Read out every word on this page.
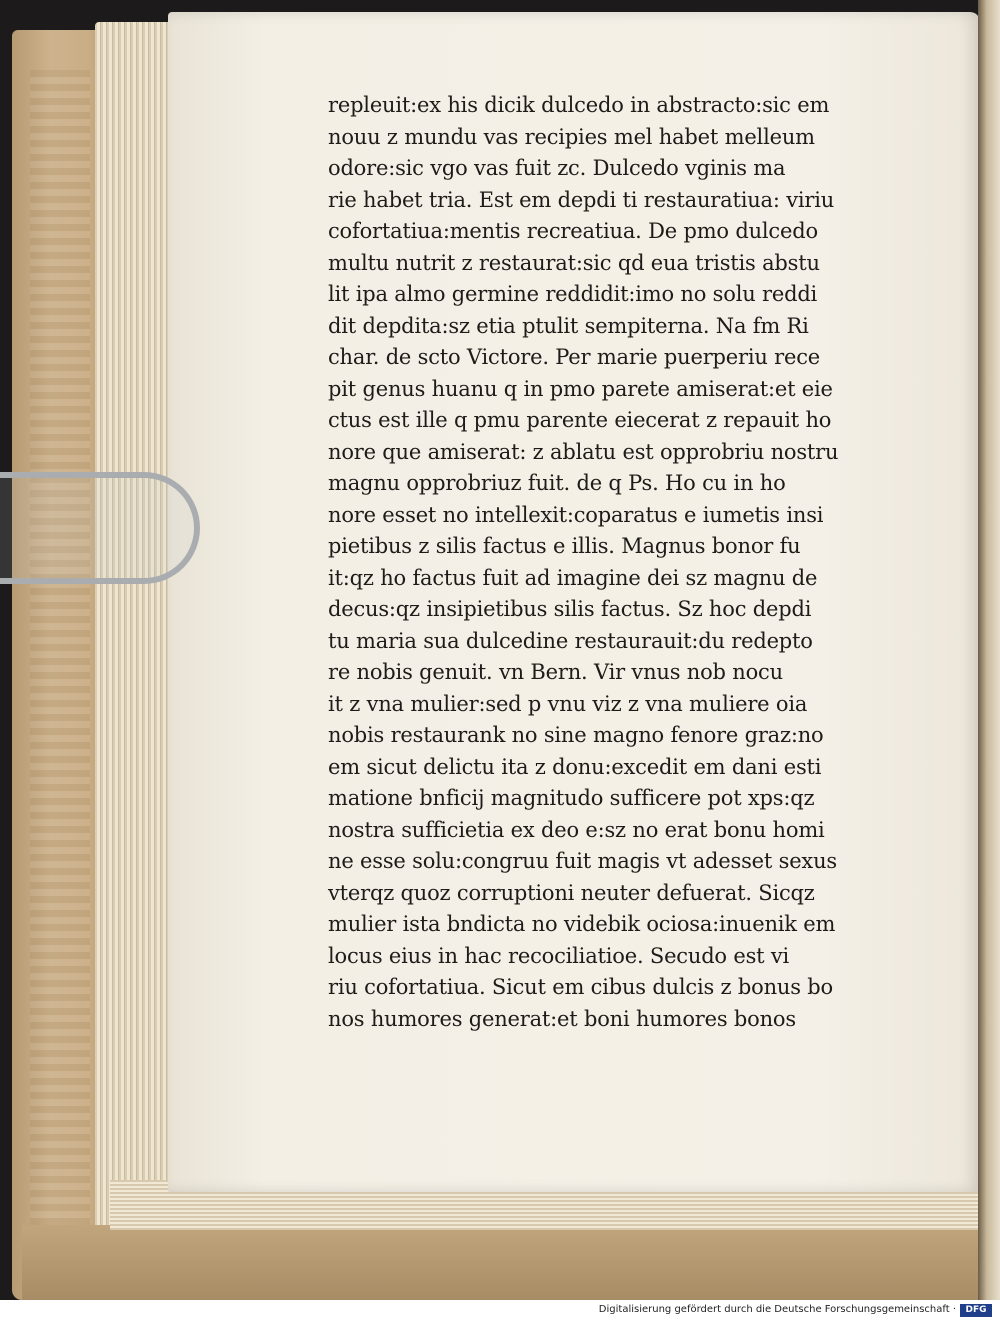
repleuit:ex his dicik dulcedo in abstracto:sic em
nouu z mundu vas recipies mel habet melleum
odore:sic vgo vas fuit zc. Dulcedo vginis ma
rie habet tria. Est em depdi ti restauratiua: viriu
cofortatiua:mentis recreatiua. De pmo dulcedo
multu nutrit z restaurat:sic qd eua tristis abstu
lit ipa almo germine reddidit:imo no solu reddi
dit depdita:sz etia ptulit sempiterna. Na fm Ri
char. de scto Victore. Per marie puerperiu rece
pit genus huanu q in pmo parete amiserat:et eie
ctus est ille q pmu parente eiecerat z repauit ho
nore que amiserat: z ablatu est opprobriu nostru
magnu opprobriuz fuit. de q Ps. Ho cu in ho
nore esset no intellexit:coparatus e iumetis insi
pietibus z silis factus e illis. Magnus bonor fu
it:qz ho factus fuit ad imagine dei sz magnu de
decus:qz insipietibus silis factus. Sz hoc depdi
tu maria sua dulcedine restaurauit:du redepto
re nobis genuit. vn Bern. Vir vnus nob nocu
it z vna mulier:sed p vnu viz z vna muliere oia
nobis restaurank no sine magno fenore graz:no
em sicut delictu ita z donu:excedit em dani esti
matione bnficij magnitudo sufficere pot xps:qz
nostra sufficietia ex deo e:sz no erat bonu homi
ne esse solu:congruu fuit magis vt adesset sexus
vterqz quoz corruptioni neuter defuerat. Sicqz
mulier ista bndicta no videbik ociosa:inuenik em
locus eius in hac recociliatioe. Secudo est vi
riu cofortatiua. Sicut em cibus dulcis z bonus bo
nos humores generat:et boni humores bonos
Digitalisierung gefördert durch die Deutsche Forschungsgemeinschaft ·	DFG
